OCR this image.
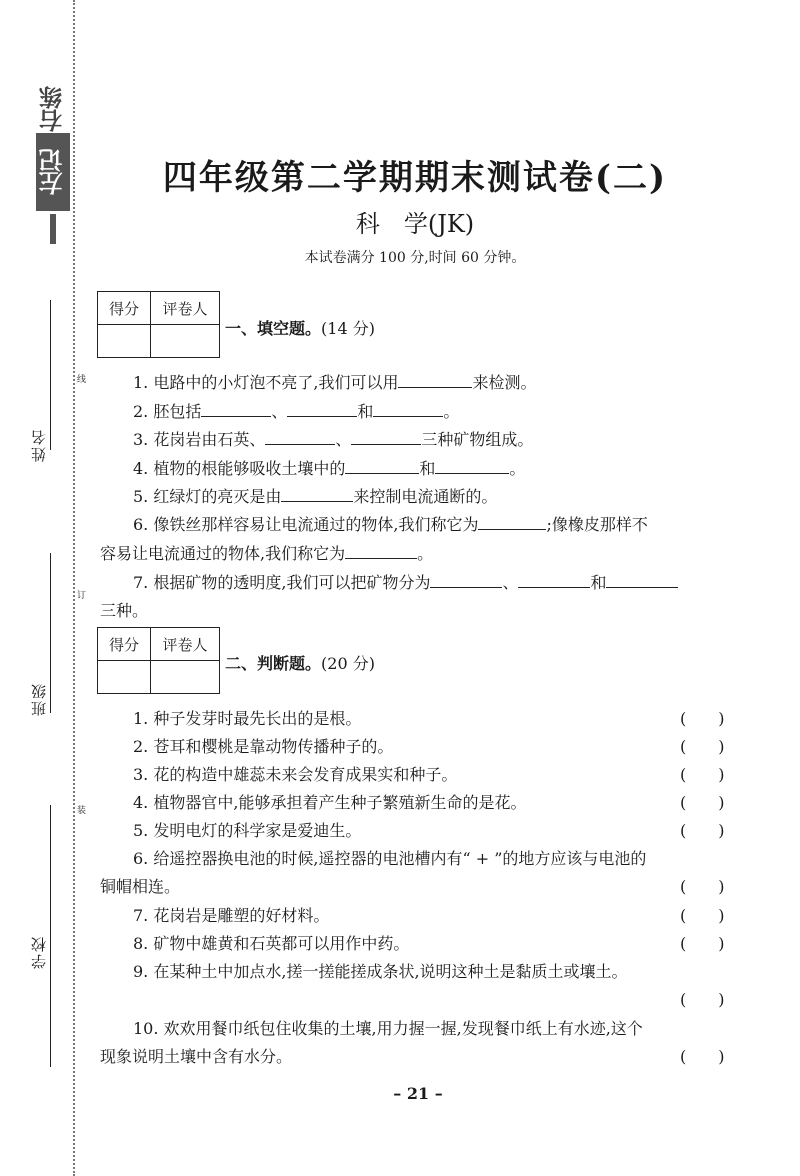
右练
左记
姓名
班级
学校
线
订
装
四年级第二学期期末测试卷(二)
科　学(JK)
本试卷满分 100 分,时间 60 分钟。
得分	评卷人

一、填空题。(14 分)
1. 电路中的小灯泡不亮了,我们可以用	来检测。
2. 胚包括	、	和	。
3. 花岗岩由石英、	、	三种矿物组成。
4. 植物的根能够吸收土壤中的	和	。
5. 红绿灯的亮灭是由	来控制电流通断的。
6. 像铁丝那样容易让电流通过的物体,我们称它为	;像橡皮那样不
容易让电流通过的物体,我们称它为	。
7. 根据矿物的透明度,我们可以把矿物分为	、	和
三种。
得分	评卷人

二、判断题。(20 分)
1. 种子发芽时最先长出的是根。	(　　)
2. 苍耳和樱桃是靠动物传播种子的。	(　　)
3. 花的构造中雄蕊未来会发育成果实和种子。	(　　)
4. 植物器官中,能够承担着产生种子繁殖新生命的是花。	(　　)
5. 发明电灯的科学家是爱迪生。	(　　)
6. 给遥控器换电池的时候,遥控器的电池槽内有“ + ”的地方应该与电池的
铜帽相连。	(　　)
7. 花岗岩是雕塑的好材料。	(　　)
8. 矿物中雄黄和石英都可以用作中药。	(　　)
9. 在某种土中加点水,搓一搓能搓成条状,说明这种土是黏质土或壤土。
(　　)
10. 欢欢用餐巾纸包住收集的土壤,用力握一握,发现餐巾纸上有水迹,这个
现象说明土壤中含有水分。	(　　)
– 21 –
